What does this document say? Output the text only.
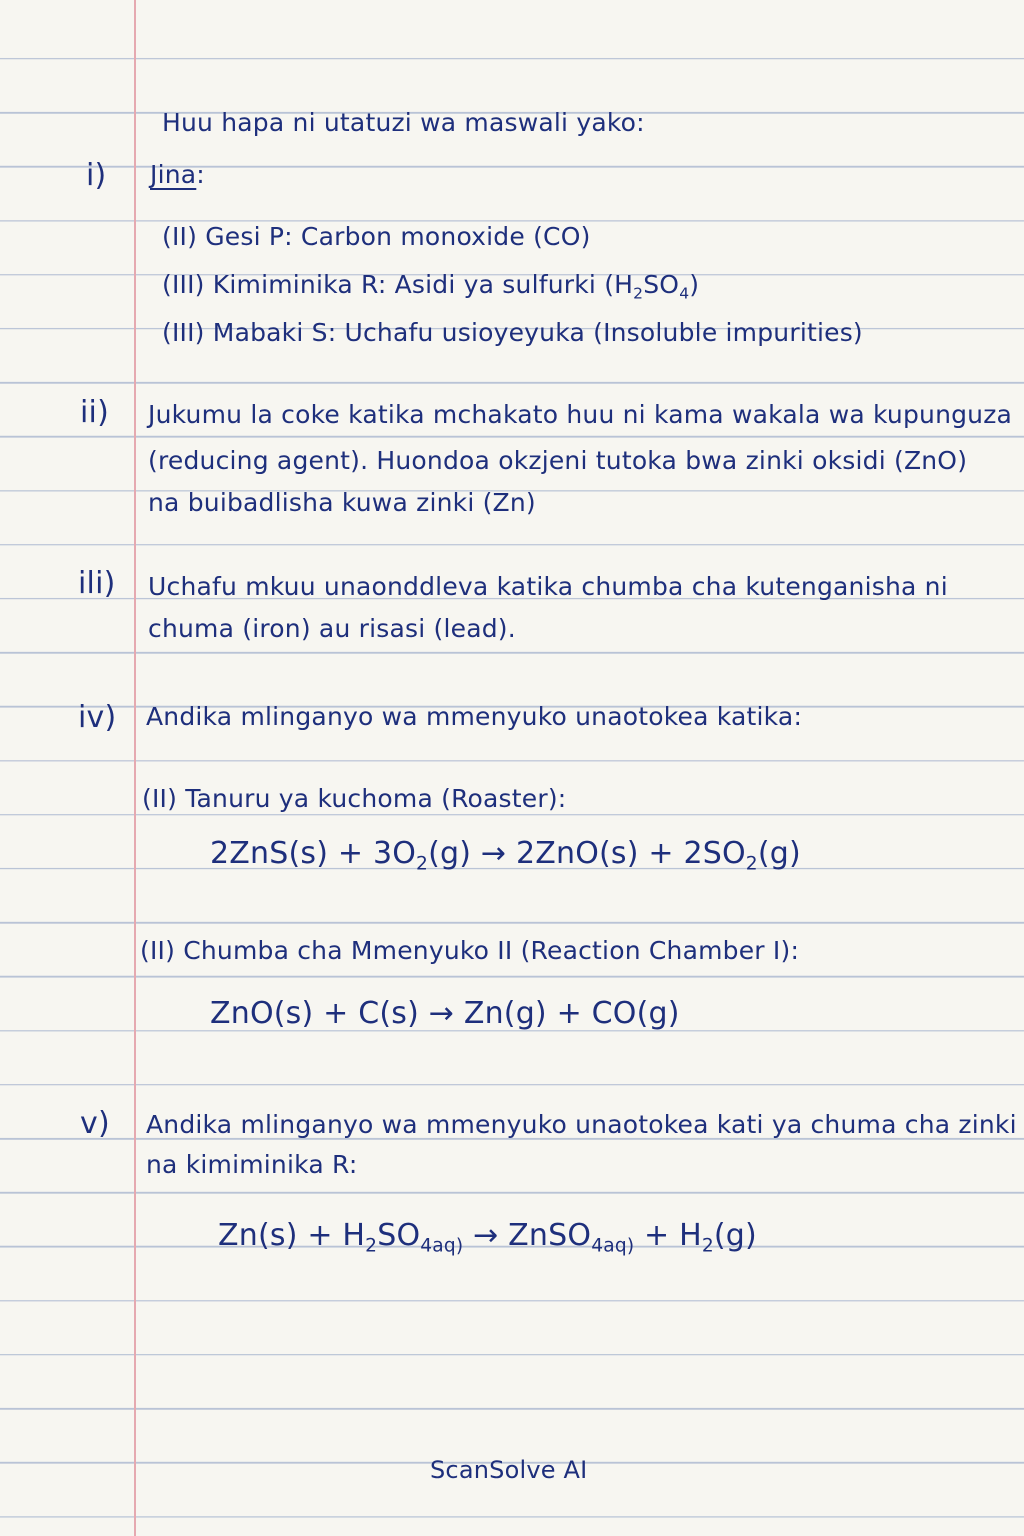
Huu hapa ni utatuzi wa maswali yako:
i) Jina:
(II) Gesi P: Carbon monoxide (CO)
(III) Kimiminika R: Asidi ya sulfurki $(H_2SO_4)$
(III) Mabaki S: Uchafu usioyeyuka (Insoluble impurities)
ii) Jukumu la coke katika mchakato huu ni kama wakala wa kupunguza
(reducing agent). Huondoa okzjeni tutoka bwa zinki oksidi (ZnO)
na buibadlisha kuwa zinki (Zn)
ili) Uchafu mkuu unaonddleva katika chumba cha kutenganisha ni
chuma (iron) au risasi (lead).
iv) Andika mlinganyo wa mmenyuko unaotokea katika:
(II) Tanuru ya kuchoma (Roaster):
$2ZnS(s) + 3O_2(g) \to 2ZnO(s) + 2SO_2(g)$
(II) Chumba cha Mmenyuko II (Reaction Chamber I):
ZnO(s) + C(s) → Zn(g) + CO(g)
v) Andika mlinganyo wa mmenyuko unaotokea kati ya chuma cha zinki
na kimiminika R:
$Zn(s) + H_2SO_{4aq)}$ → ZnSO$_{4aq)}$ + $H_2(g)$
ScanSolve AI
